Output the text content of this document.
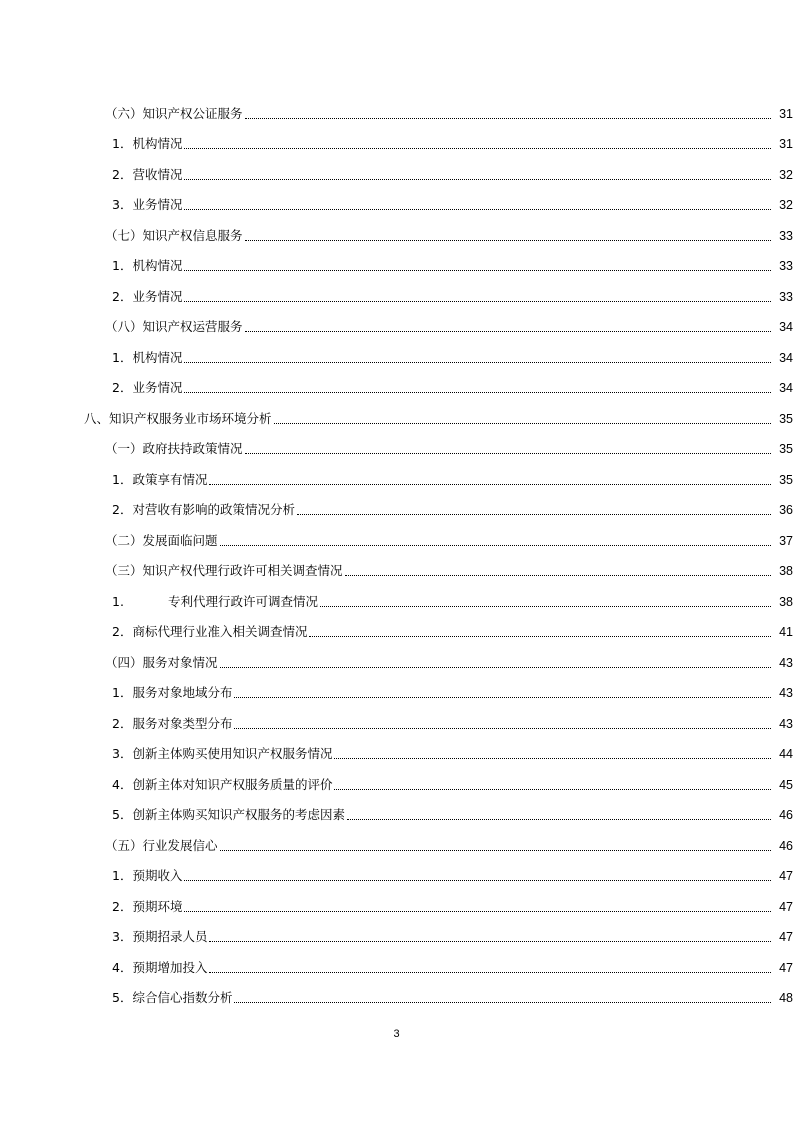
（六）知识产权公证服务	31
1．机构情况	31
2．营收情况	32
3．业务情况	32
（七）知识产权信息服务	33
1．机构情况	33
2．业务情况	33
（八）知识产权运营服务	34
1．机构情况	34
2．业务情况	34
八、知识产权服务业市场环境分析	35
（一）政府扶持政策情况	35
1．政策享有情况	35
2．对营收有影响的政策情况分析	36
（二）发展面临问题	37
（三）知识产权代理行政许可相关调查情况	38
1.	专利代理行政许可调查情况	38
2．商标代理行业准入相关调查情况	41
（四）服务对象情况	43
1．服务对象地域分布	43
2．服务对象类型分布	43
3．创新主体购买使用知识产权服务情况	44
4．创新主体对知识产权服务质量的评价	45
5．创新主体购买知识产权服务的考虑因素	46
（五）行业发展信心	46
1．预期收入	47
2．预期环境	47
3．预期招录人员	47
4．预期增加投入	47
5．综合信心指数分析	48
3
